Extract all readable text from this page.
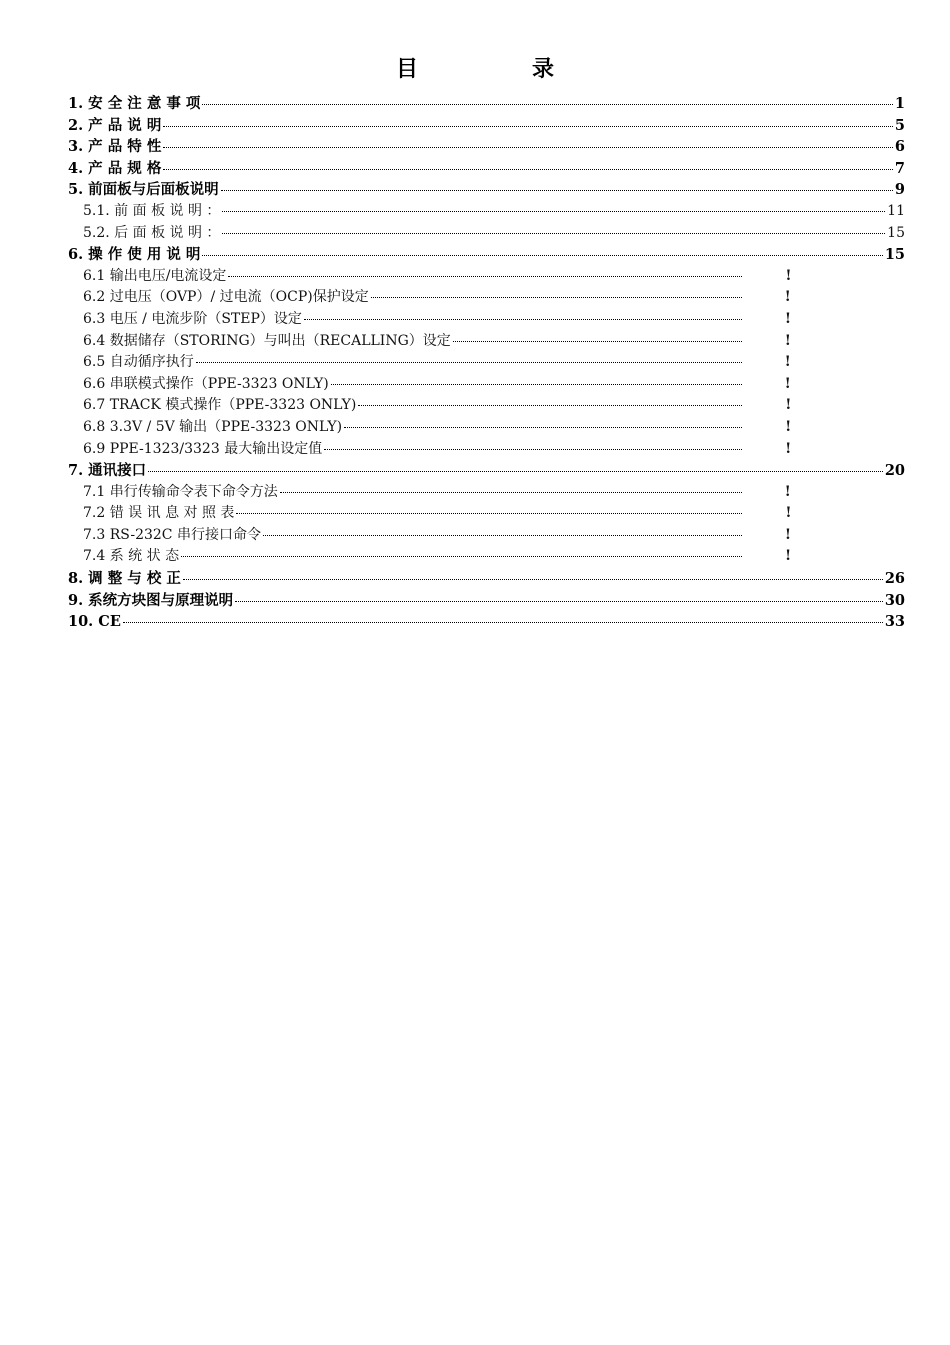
目　录
1. 安 全 注 意 事 项	1
2. 产 品 说 明	5
3. 产 品 特 性	6
4. 产 品 规 格	7
5. 前面板与后面板说明	9
5.1. 前 面 板 说 明 ：	11
5.2. 后 面 板 说 明 ：	15
6. 操 作 使 用 说 明	15
6.1 输出电压/电流设定	!
6.2 过电压（OVP）/ 过电流（OCP)保护设定	!
6.3 电压 / 电流步阶（STEP）设定	!
6.4 数据储存（STORING）与叫出（RECALLING）设定	!
6.5 自动循序执行	!
6.6 串联模式操作（PPE-3323 ONLY)	!
6.7 TRACK 模式操作（PPE-3323 ONLY)	!
6.8 3.3V / 5V 输出（PPE-3323 ONLY)	!
6.9 PPE-1323/3323 最大输出设定值	!
7. 通讯接口	20
7.1 串行传输命令表下命令方法	!
7.2 错 误 讯 息 对 照 表	!
7.3 RS-232C 串行接口命令	!
7.4 系 统 状 态	!
8. 调 整 与 校 正	26
9. 系统方块图与原理说明	30
10. CE	33
